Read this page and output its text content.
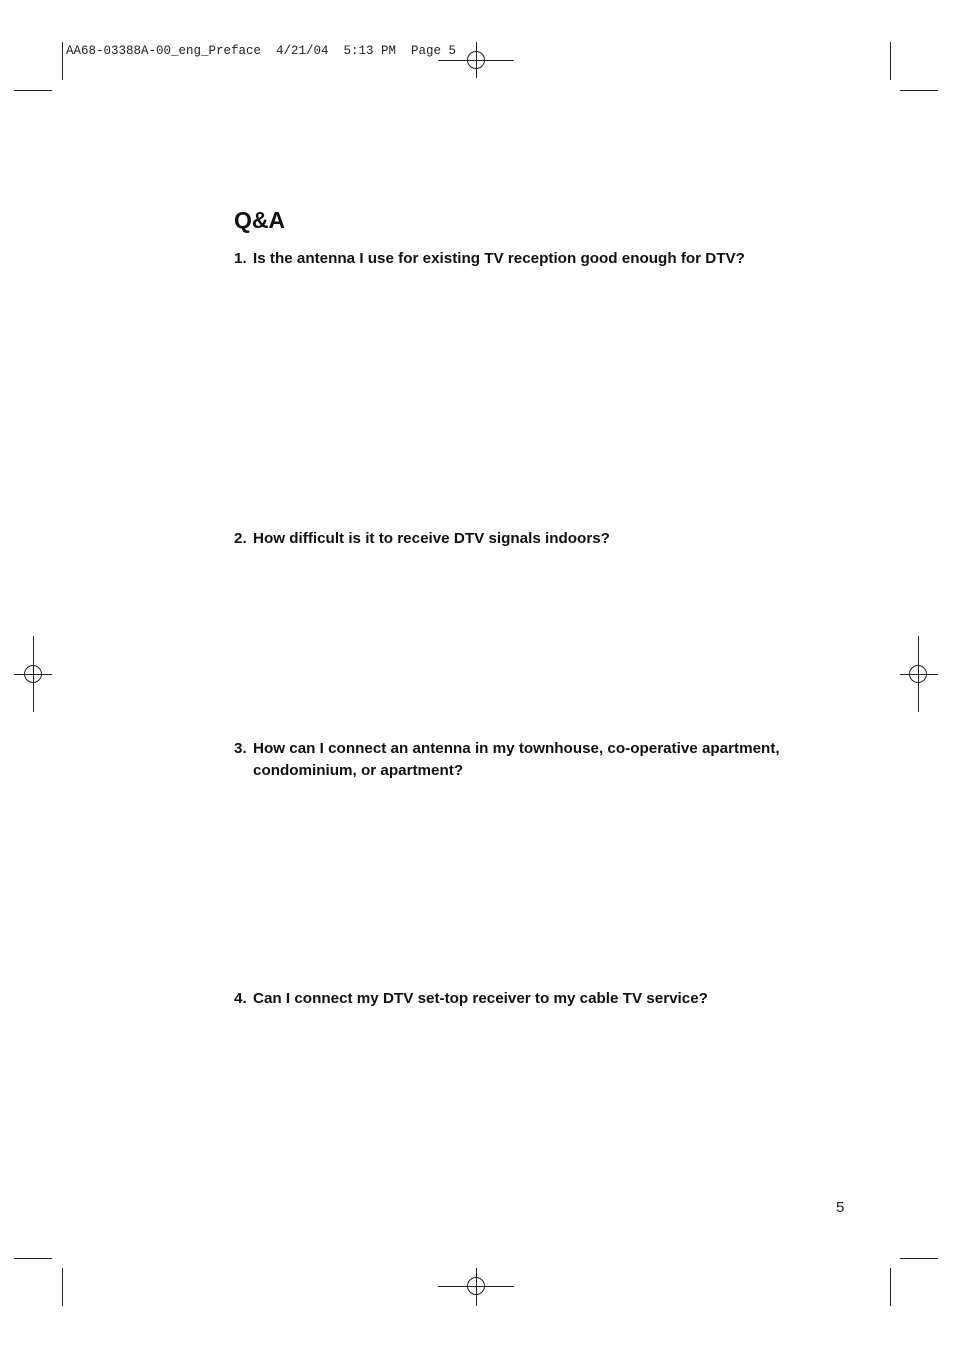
AA68-03388A-00_eng_Preface  4/21/04  5:13 PM  Page 5
Q&A
1. Is the antenna I use for existing TV reception good enough for DTV?
2. How difficult is it to receive DTV signals indoors?
3. How can I connect an antenna in my townhouse, co-operative apartment, condominium, or apartment?
4. Can I connect my DTV set-top receiver to my cable TV service?
5
